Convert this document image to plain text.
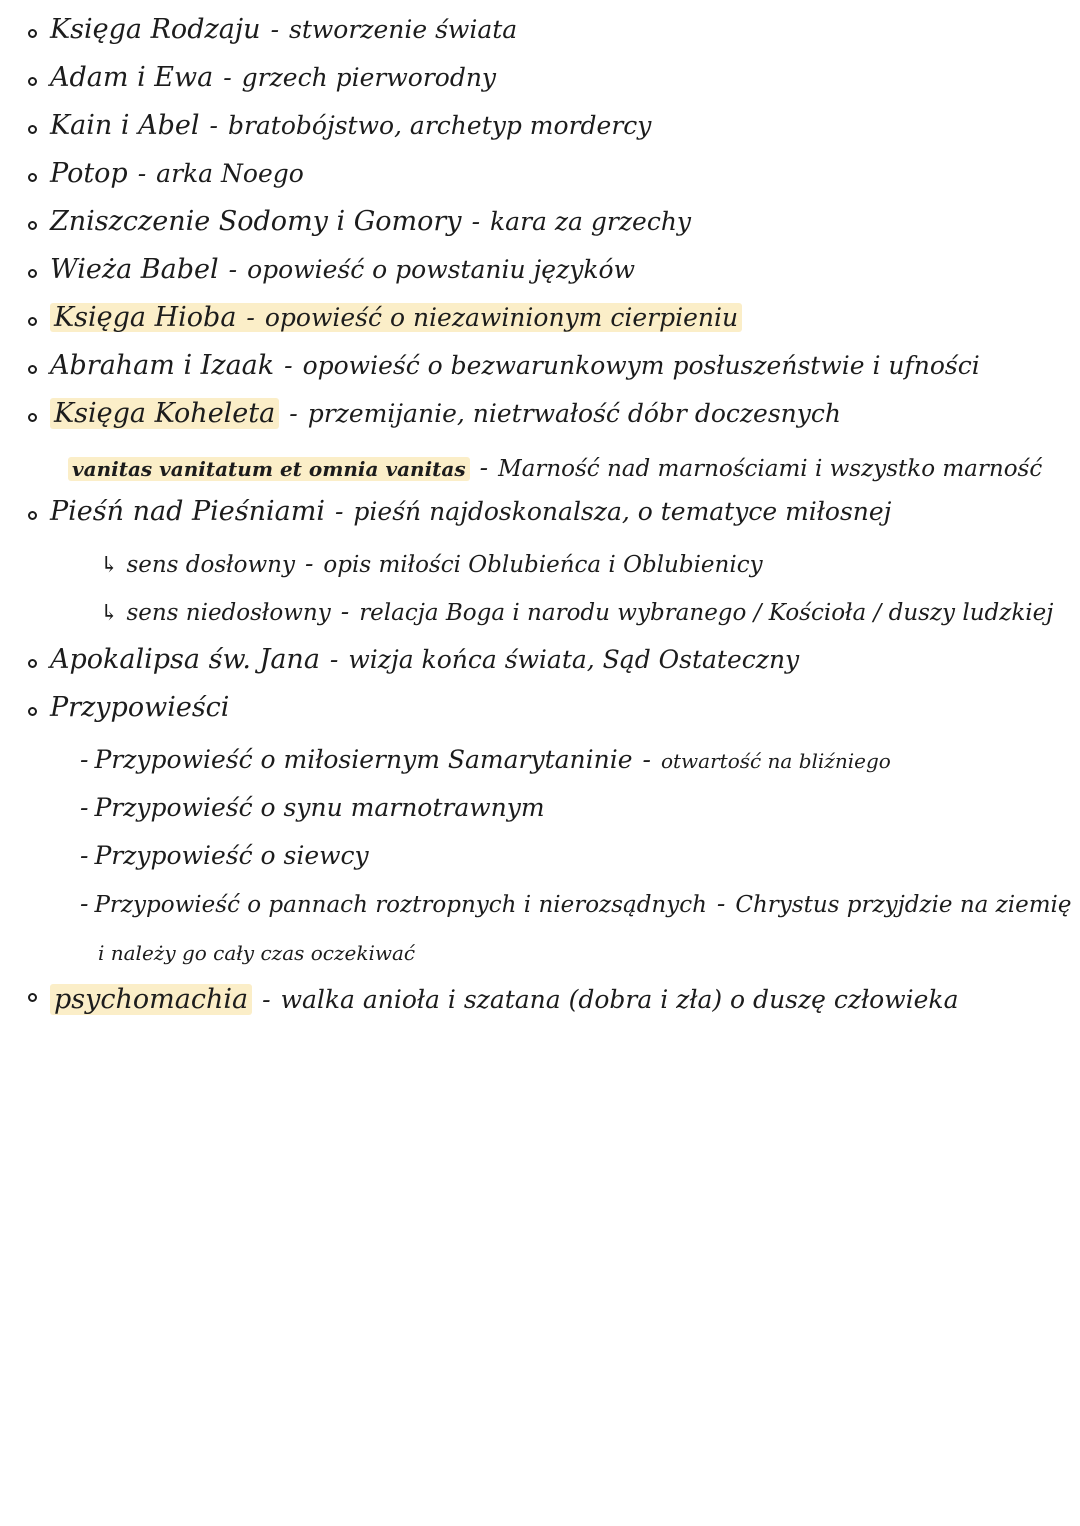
Księga Rodzaju - stworzenie świata
Adam i Ewa - grzech pierworodny
Kain i Abel - bratobójstwo, archetyp mordercy
Potop - arka Noego
Zniszczenie Sodomy i Gomory - kara za grzechy
Wieża Babel - opowieść o powstaniu języków
Księga Hioba - opowieść o niezawinionym cierpieniu
Abraham i Izaak - opowieść o bezwarunkowym posłuszeństwie i ufności
Księga Koheleta - przemijanie, nietrwałość dóbr doczesnych
vanitas vanitatum et omnia vanitas - Marność nad marnościami i wszystko marność
Pieśń nad Pieśniami - pieśń najdoskonalsza, o tematyce miłosnej
↳ sens dosłowny - opis miłości Oblubieńca i Oblubienicy
↳ sens niedosłowny - relacja Boga i narodu wybranego / Kościoła / duszy ludzkiej
Apokalipsa św. Jana - wizja końca świata, Sąd Ostateczny
Przypowieści
- Przypowieść o miłosiernym Samarytaninie - otwartość na bliźniego
- Przypowieść o synu marnotrawnym
- Przypowieść o siewcy
- Przypowieść o pannach roztropnych i nierozsądnych - Chrystus przyjdzie na ziemię
i należy go cały czas oczekiwać
psychomachia - walka anioła i szatana (dobra i zła) o duszę człowieka
